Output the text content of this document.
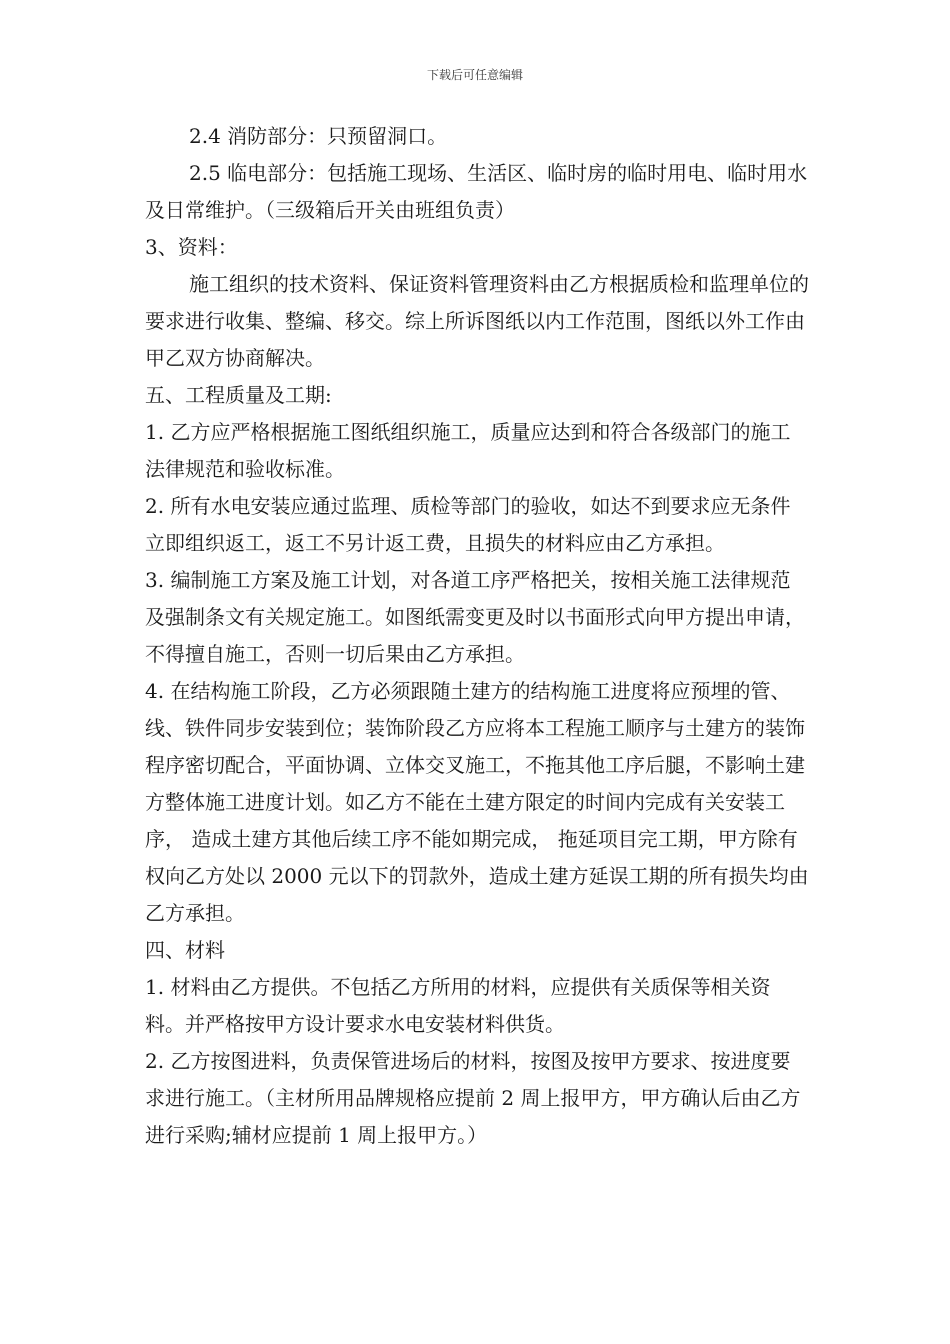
下载后可任意编辑

2.4 消防部分：只预留洞口。

2.5 临电部分：包括施工现场、生活区、临时房的临时用电、临时用水及日常维护。（三级箱后开关由班组负责）

3、资料：

施工组织的技术资料、保证资料管理资料由乙方根据质检和监理单位的要求进行收集、整编、移交。综上所诉图纸以内工作范围，图纸以外工作由甲乙双方协商解决。

五、工程质量及工期:

1. 乙方应严格根据施工图纸组织施工，质量应达到和符合各级部门的施工法律规范和验收标准。

2. 所有水电安装应通过监理、质检等部门的验收，如达不到要求应无条件立即组织返工，返工不另计返工费，且损失的材料应由乙方承担。

3. 编制施工方案及施工计划，对各道工序严格把关，按相关施工法律规范及强制条文有关规定施工。如图纸需变更及时以书面形式向甲方提出申请，不得擅自施工，否则一切后果由乙方承担。

4. 在结构施工阶段，乙方必须跟随土建方的结构施工进度将应预埋的管、线、铁件同步安装到位；装饰阶段乙方应将本工程施工顺序与土建方的装饰程序密切配合，平面协调、立体交叉施工，不拖其他工序后腿，不影响土建方整体施工进度计划。如乙方不能在土建方限定的时间内完成有关安装工序， 造成土建方其他后续工序不能如期完成， 拖延项目完工期，甲方除有权向乙方处以 2000 元以下的罚款外，造成土建方延误工期的所有损失均由乙方承担。

四、材料

1. 材料由乙方提供。不包括乙方所用的材料，应提供有关质保等相关资料。并严格按甲方设计要求水电安装材料供货。

2. 乙方按图进料，负责保管进场后的材料，按图及按甲方要求、按进度要求进行施工。（主材所用品牌规格应提前 2 周上报甲方，甲方确认后由乙方进行采购;辅材应提前 1 周上报甲方。）
